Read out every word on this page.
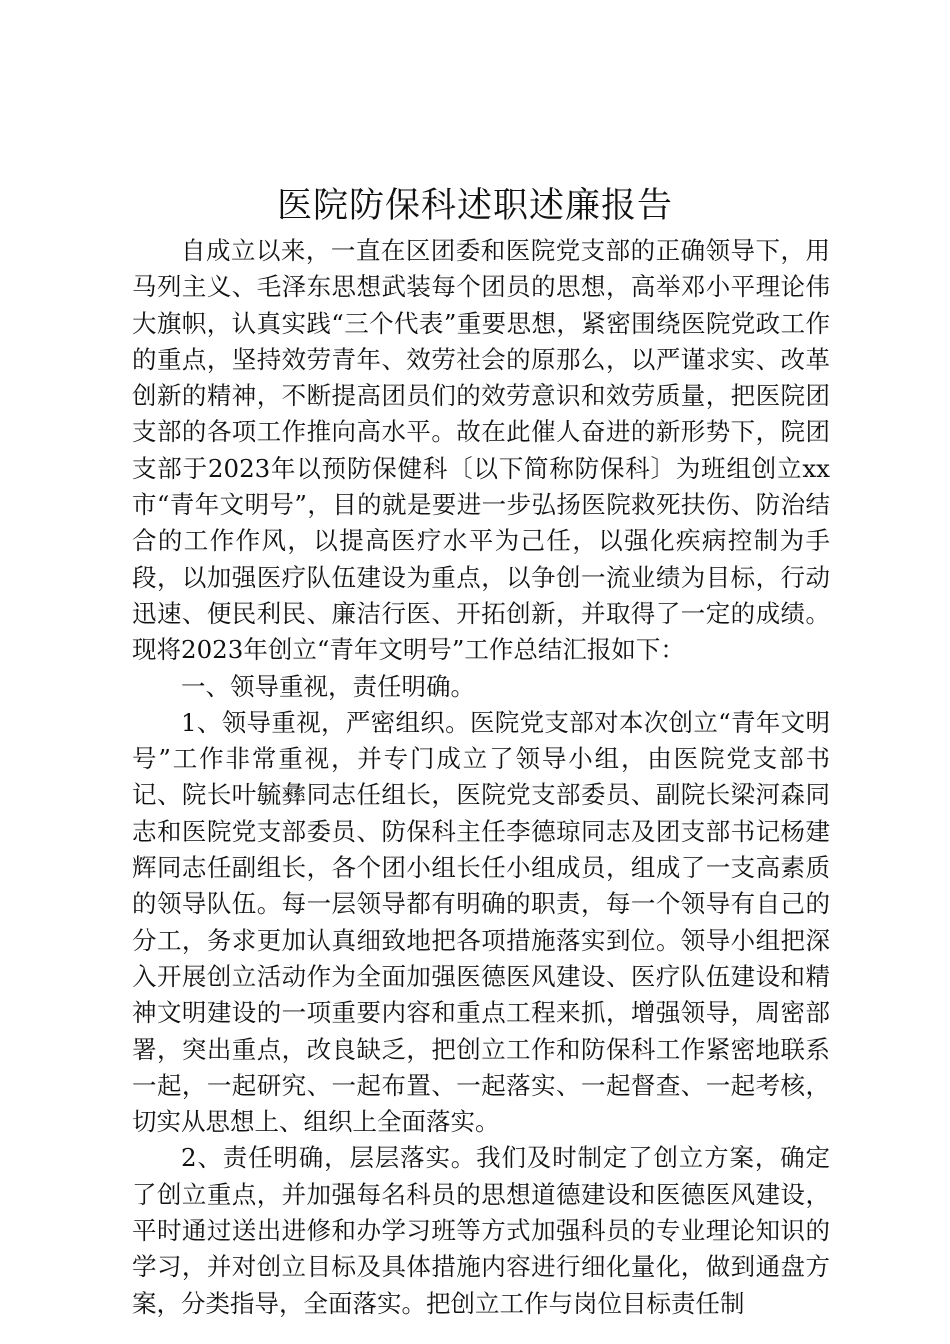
医院防保科述职述廉报告

自成立以来，一直在区团委和医院党支部的正确领导下，用马列主义、毛泽东思想武装每个团员的思想，高举邓小平理论伟大旗帜，认真实践“三个代表”重要思想，紧密围绕医院党政工作的重点，坚持效劳青年、效劳社会的原那么，以严谨求实、改革创新的精神，不断提高团员们的效劳意识和效劳质量，把医院团支部的各项工作推向高水平。故在此催人奋进的新形势下，院团支部于2023年以预防保健科〔以下简称防保科〕为班组创立xx市“青年文明号”，目的就是要进一步弘扬医院救死扶伤、防治结合的工作作风，以提高医疗水平为己任，以强化疾病控制为手段，以加强医疗队伍建设为重点，以争创一流业绩为目标，行动迅速、便民利民、廉洁行医、开拓创新，并取得了一定的成绩。现将2023年创立“青年文明号”工作总结汇报如下：

一、领导重视，责任明确。

1、领导重视，严密组织。医院党支部对本次创立“青年文明号”工作非常重视，并专门成立了领导小组，由医院党支部书记、院长叶毓彝同志任组长，医院党支部委员、副院长梁河森同志和医院党支部委员、防保科主任李德琼同志及团支部书记杨建辉同志任副组长，各个团小组长任小组成员，组成了一支高素质的领导队伍。每一层领导都有明确的职责，每一个领导有自己的分工，务求更加认真细致地把各项措施落实到位。领导小组把深入开展创立活动作为全面加强医德医风建设、医疗队伍建设和精神文明建设的一项重要内容和重点工程来抓，增强领导，周密部署，突出重点，改良缺乏，把创立工作和防保科工作紧密地联系一起，一起研究、一起布置、一起落实、一起督查、一起考核，切实从思想上、组织上全面落实。

2、责任明确，层层落实。我们及时制定了创立方案，确定了创立重点，并加强每名科员的思想道德建设和医德医风建设，平时通过送出进修和办学习班等方式加强科员的专业理论知识的学习，并对创立目标及具体措施内容进行细化量化，做到通盘方案，分类指导，全面落实。把创立工作与岗位目标责任制
